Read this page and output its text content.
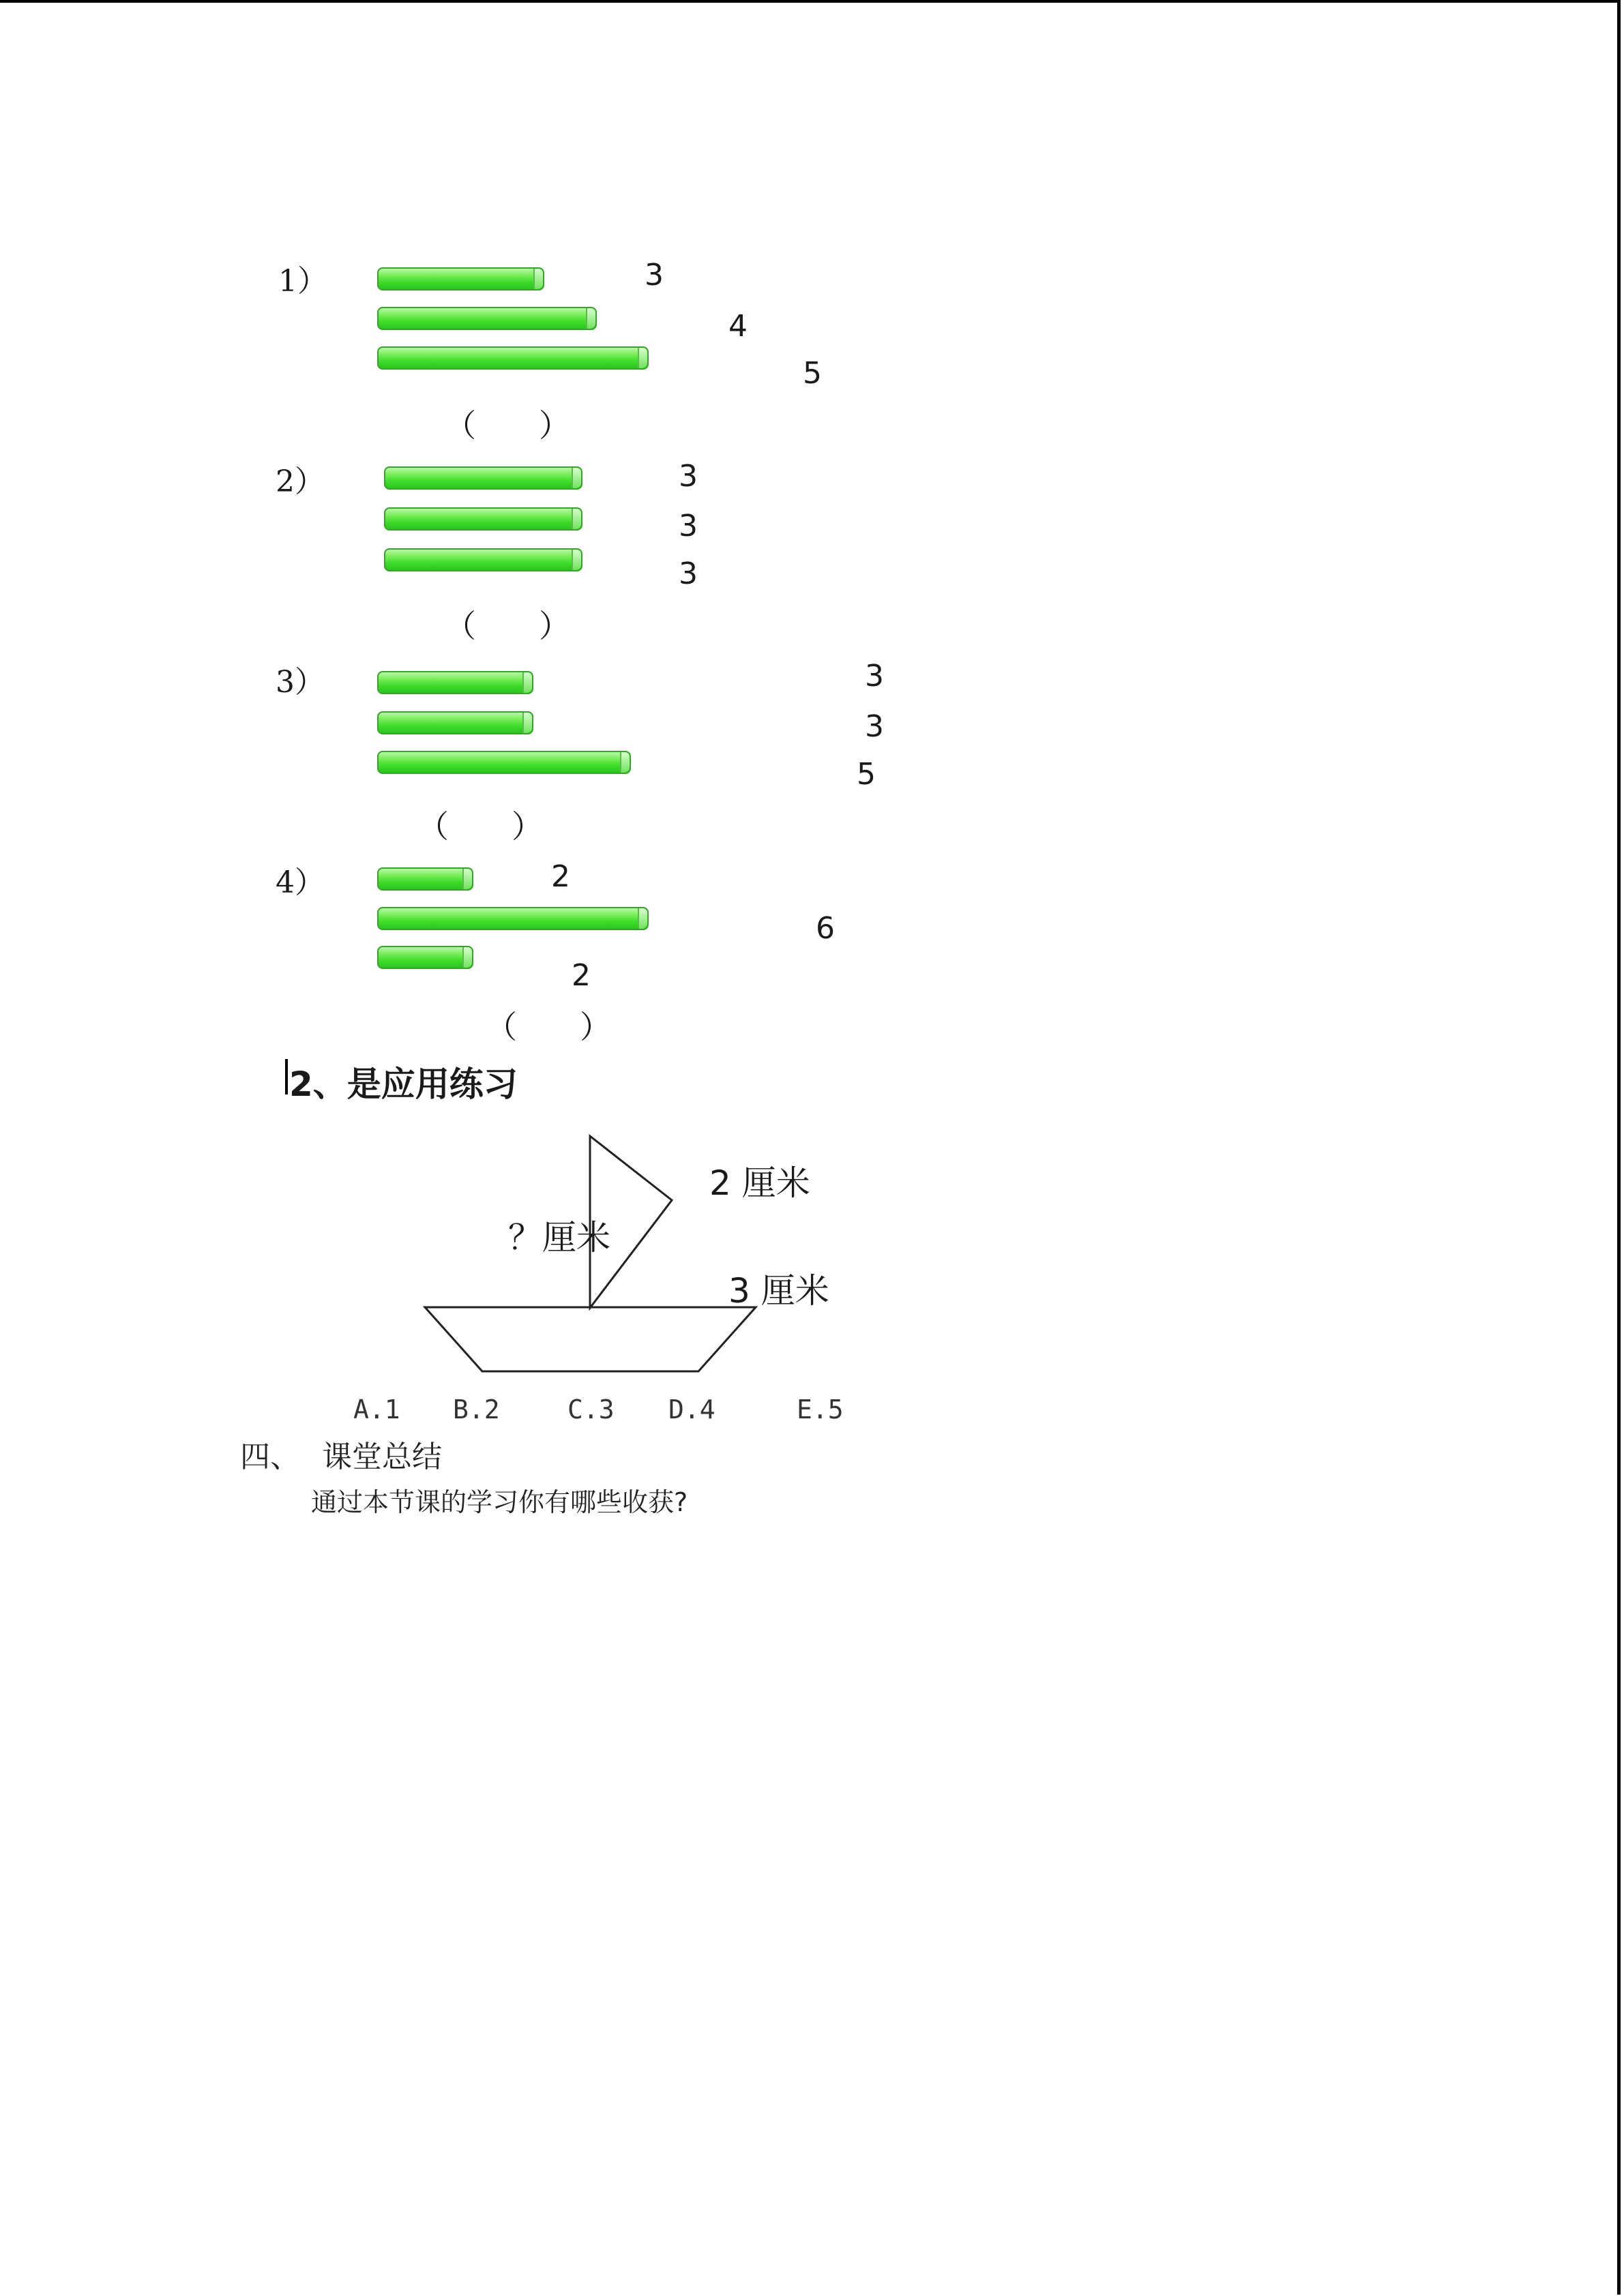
1）	3
4
5
（　　）
2）	3
3
3
（　　）
3）	3
3
5
（　　）
4）	2
6
2
（　　）
2、是应用练习
2 厘米
？厘米
3 厘米
A.1 B.2	C.3 D.4	E.5
四、 课堂总结
通过本节课的学习你有哪些收获?
